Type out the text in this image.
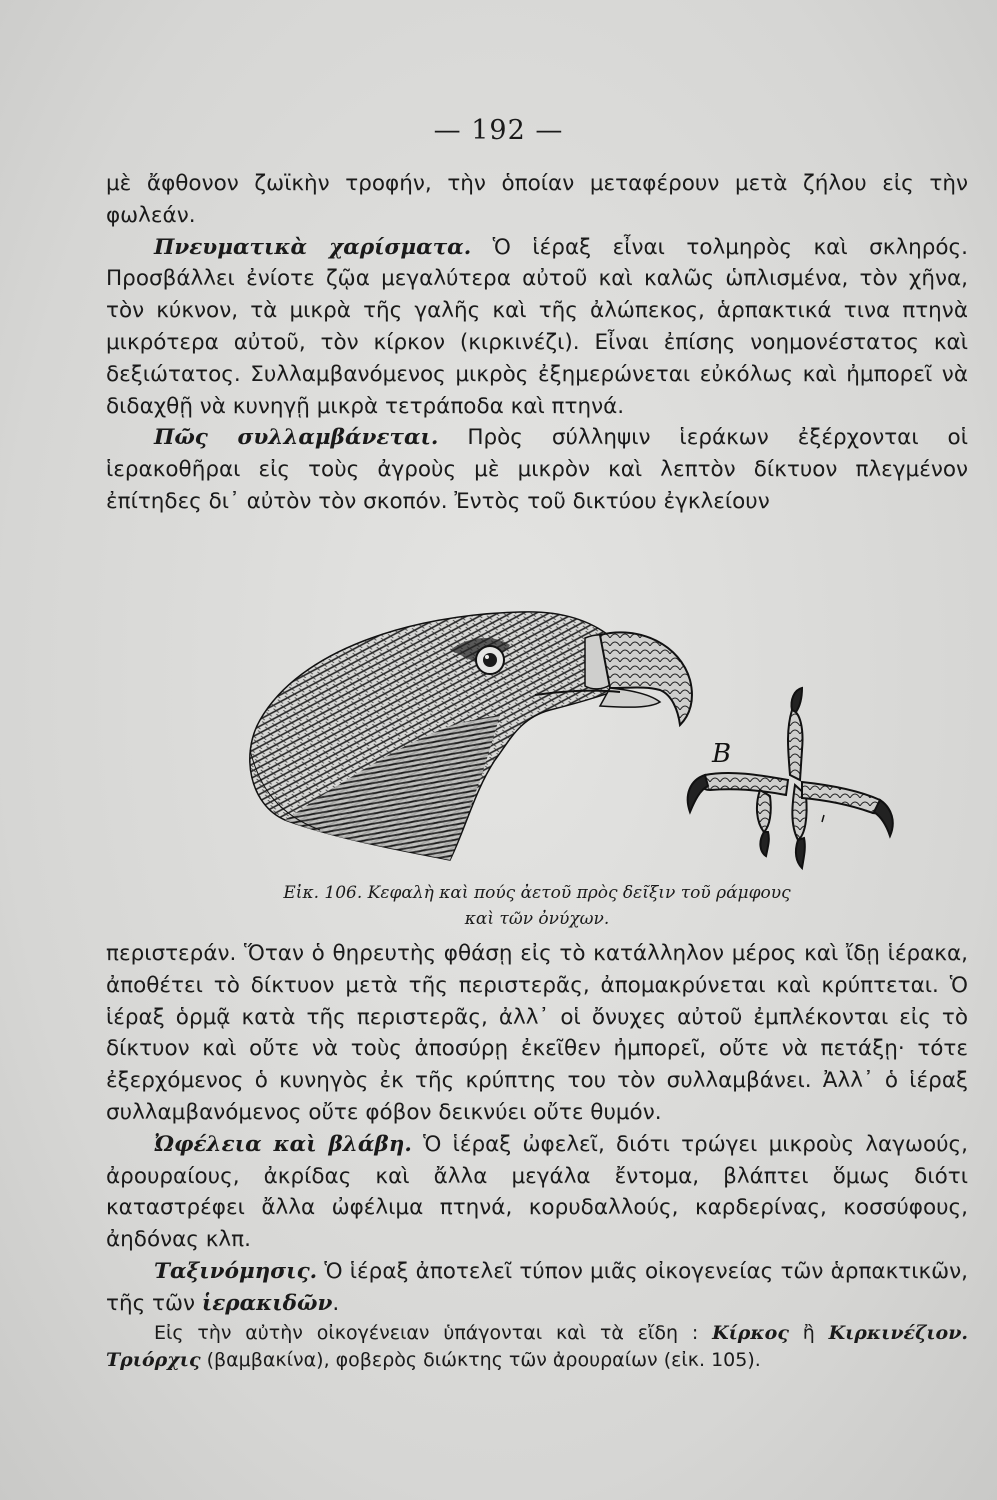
— 192 —

μὲ ἄφθονον ζωϊκὴν τροφήν, τὴν ὁποίαν μεταφέρουν μετὰ ζήλου εἰς τὴν φωλεάν.

Πνευματικὰ χαρίσματα. Ὁ ἱέραξ εἶναι τολμηρὸς καὶ σκληρός. Προσβάλλει ἐνίοτε ζῷα μεγαλύτερα αὐτοῦ καὶ καλῶς ὡπλισμένα, τὸν χῆνα, τὸν κύκνον, τὰ μικρὰ τῆς γαλῆς καὶ τῆς ἀλώπεκος, ἁρπακτικά τινα πτηνὰ μικρότερα αὐτοῦ, τὸν κίρκον (κιρκινέζι). Εἶναι ἐπίσης νοημονέστατος καὶ δεξιώτατος. Συλλαμβανόμενος μικρὸς ἐξημερώνεται εὐκόλως καὶ ἠμπορεῖ νὰ διδαχθῇ νὰ κυνηγῇ μικρὰ τετράποδα καὶ πτηνά.

Πῶς συλλαμβάνεται. Πρὸς σύλληψιν ἱεράκων ἐξέρχονται οἱ ἱερακοθῆραι εἰς τοὺς ἀγροὺς μὲ μικρὸν καὶ λεπτὸν δίκτυον πλεγμένον ἐπίτηδες δι᾽ αὐτὸν τὸν σκοπόν. Ἐντὸς τοῦ δικτύου ἐγκλείουν

B
Εἰκ. 106. Κεφαλὴ καὶ πούς ἀετοῦ πρὸς δεῖξιν τοῦ ράμφους
καὶ τῶν ὀνύχων.

περιστεράν. Ὅταν ὁ θηρευτὴς φθάσῃ εἰς τὸ κατάλληλον μέρος καὶ ἴδῃ ἱέρακα, ἀποθέτει τὸ δίκτυον μετὰ τῆς περιστερᾶς, ἀπομακρύνεται καὶ κρύπτεται. Ὁ ἱέραξ ὁρμᾷ κατὰ τῆς περιστερᾶς, ἀλλ᾽ οἱ ὄνυχες αὐτοῦ ἐμπλέκονται εἰς τὸ δίκτυον καὶ οὔτε νὰ τοὺς ἀποσύρῃ ἐκεῖθεν ἠμπορεῖ, οὔτε νὰ πετάξῃ· τότε ἐξερχόμενος ὁ κυνηγὸς ἐκ τῆς κρύπτης του τὸν συλλαμβάνει. Ἀλλ᾽ ὁ ἱέραξ συλλαμβανόμενος οὔτε φόβον δεικνύει οὔτε θυμόν.

Ὠφέλεια καὶ βλάβη. Ὁ ἱέραξ ὠφελεῖ, διότι τρώγει μικροὺς λαγωούς, ἀρουραίους, ἀκρίδας καὶ ἄλλα μεγάλα ἔντομα, βλάπτει ὅμως διότι καταστρέφει ἄλλα ὠφέλιμα πτηνά, κορυδαλλούς, καρδερίνας, κοσσύφους, ἀηδόνας κλπ.

Ταξινόμησις. Ὁ ἱέραξ ἀποτελεῖ τύπον μιᾶς οἰκογενείας τῶν ἁρπακτικῶν, τῆς τῶν ἱερακιδῶν.

Εἰς τὴν αὐτὴν οἰκογένειαν ὑπάγονται καὶ τὰ εἴδη : Κίρκος ἢ Κιρκινέζιον. Τριόρχις (βαμβακίνα), φοβερὸς διώκτης τῶν ἀρουραίων (εἰκ. 105).
